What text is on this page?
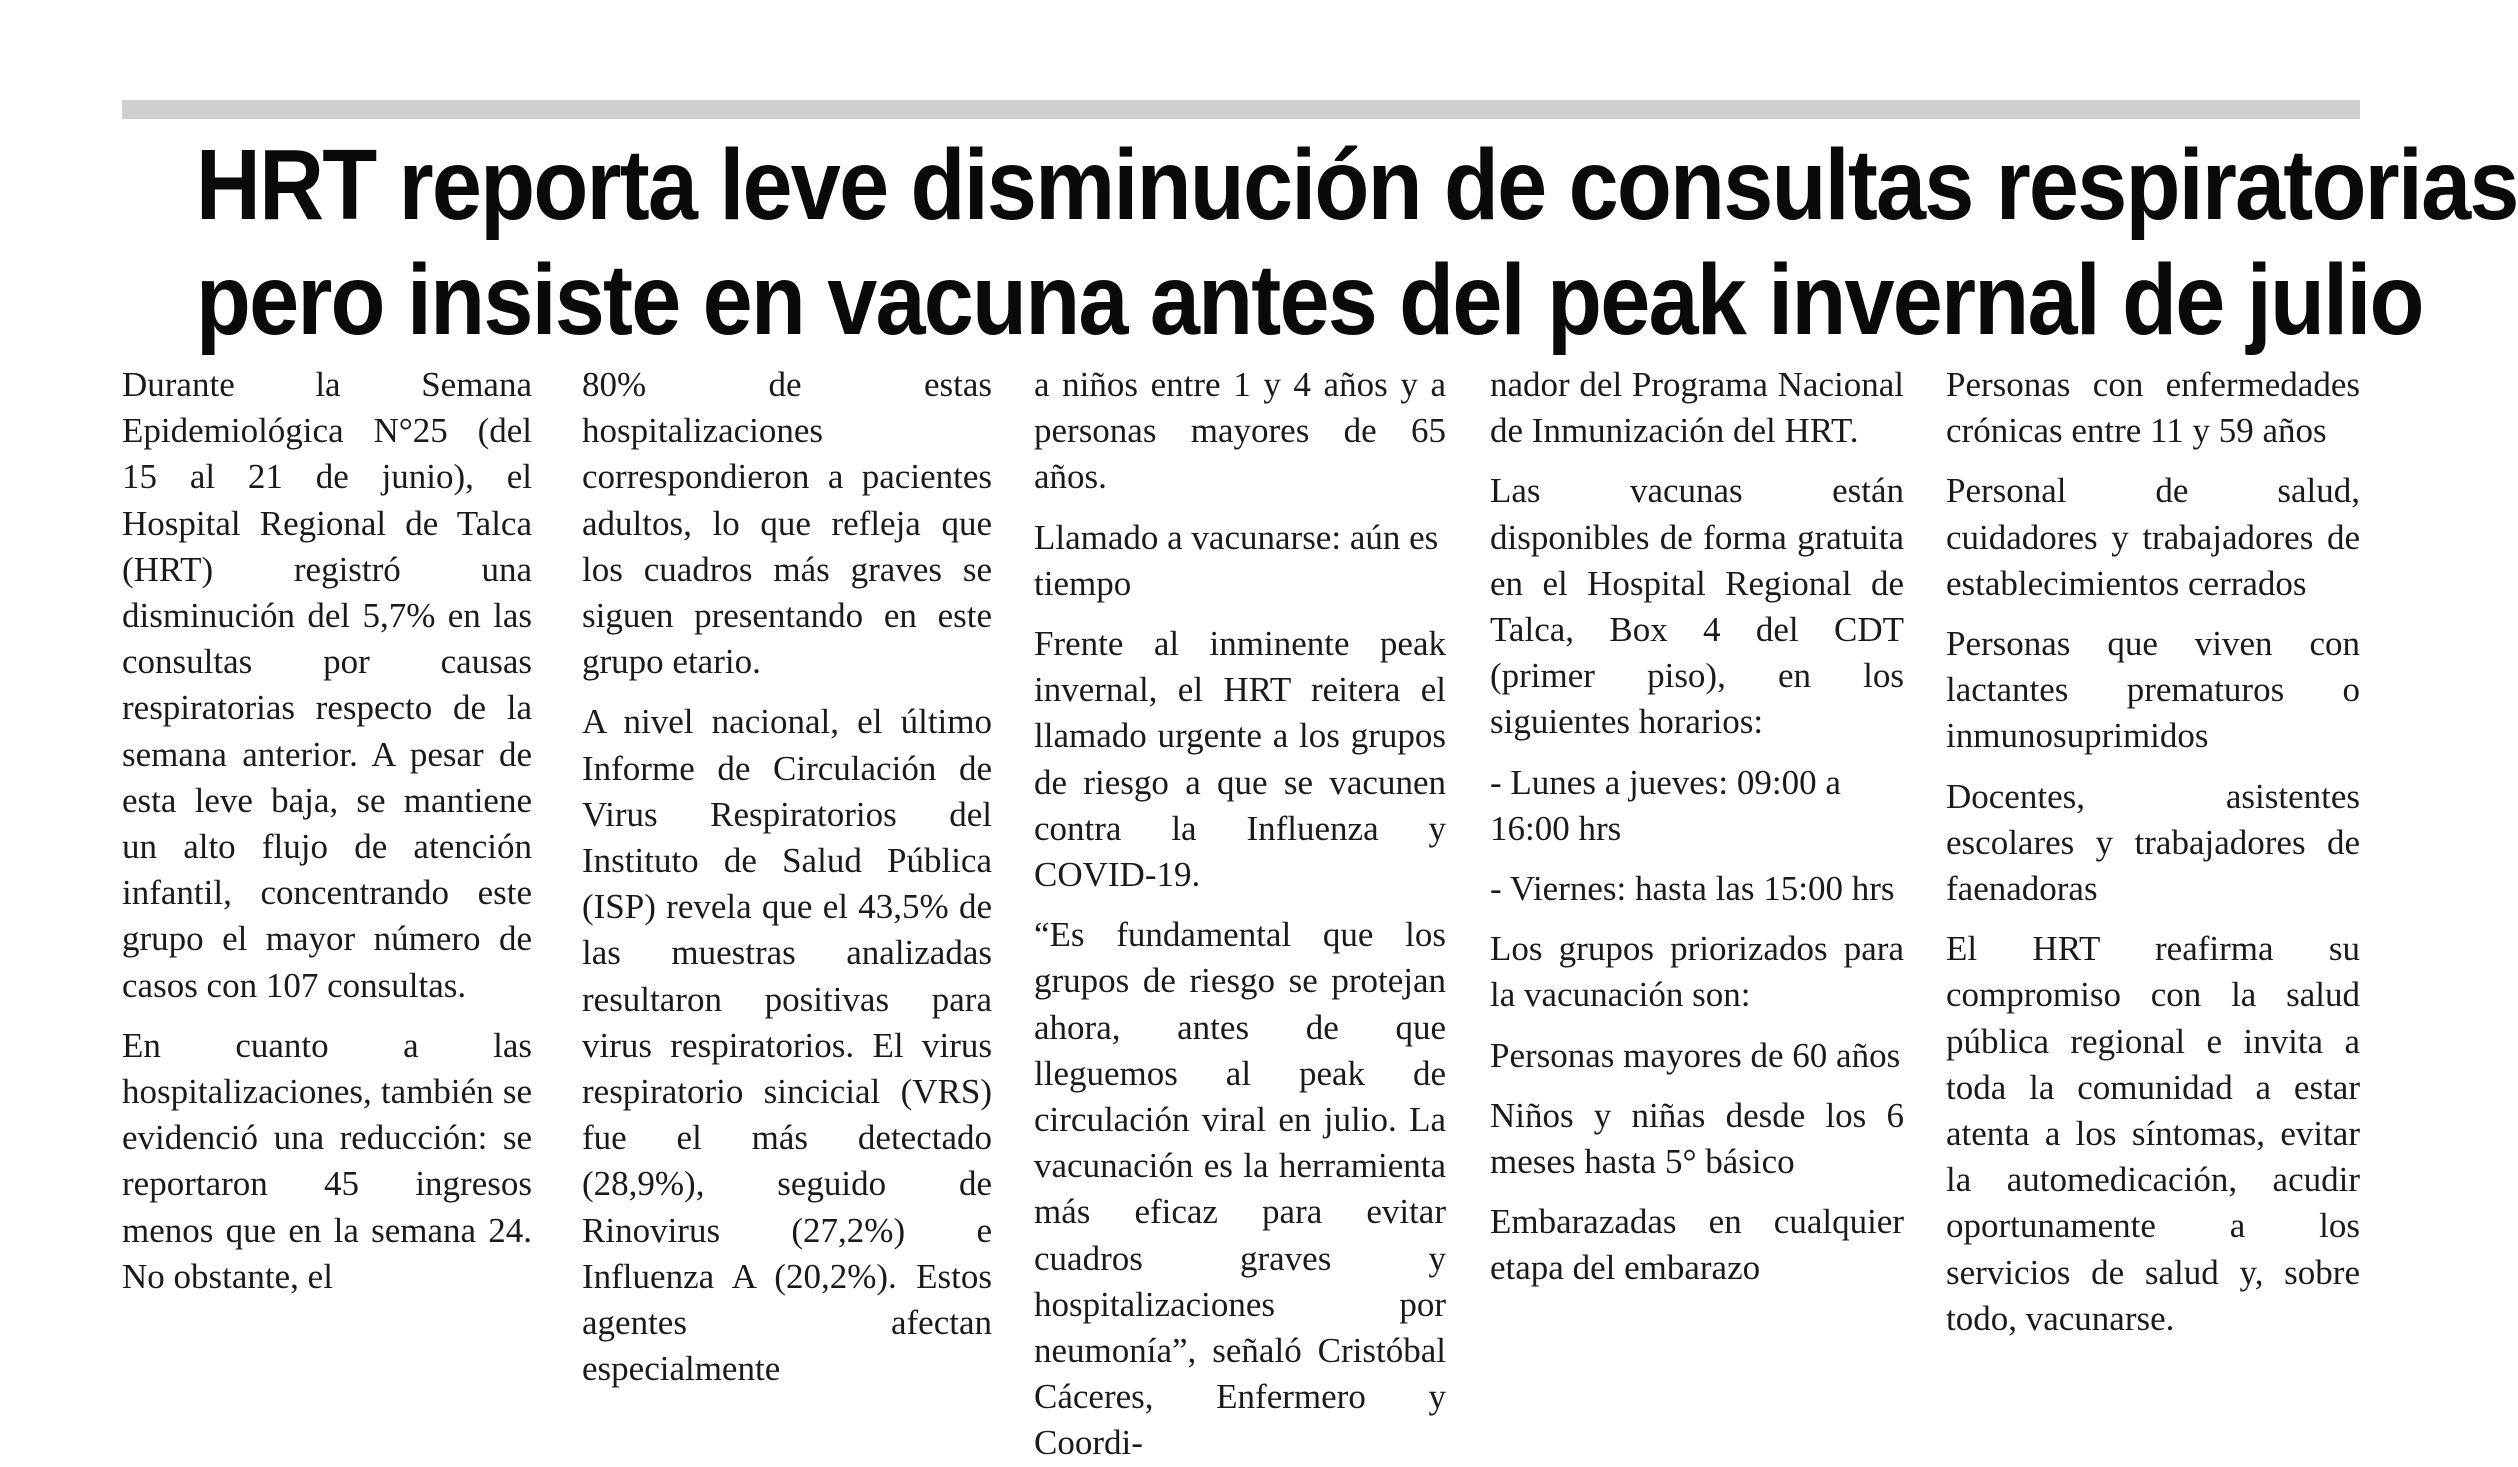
HRT reporta leve disminución de consultas respiratorias
pero insiste en vacuna antes del peak invernal de julio

Durante la Semana Epidemiológica N°25 (del 15 al 21 de junio), el Hospital Regional de Talca (HRT) registró una disminución del 5,7% en las consultas por causas respiratorias respecto de la semana anterior. A pesar de esta leve baja, se mantiene un alto flujo de atención infantil, concentrando este grupo el mayor número de casos con 107 consultas.

En cuanto a las hospitalizaciones, también se evidenció una reducción: se reportaron 45 ingresos menos que en la semana 24. No obstante, el

80% de estas hospitalizaciones correspondieron a pacientes adultos, lo que refleja que los cuadros más graves se siguen presentando en este grupo etario.

A nivel nacional, el último Informe de Circulación de Virus Respiratorios del Instituto de Salud Pública (ISP) revela que el 43,5% de las muestras analizadas resultaron positivas para virus respiratorios. El virus respiratorio sincicial (VRS) fue el más detectado (28,9%), seguido de Rinovirus (27,2%) e Influenza A (20,2%). Estos agentes afectan especialmente

a niños entre 1 y 4 años y a personas mayores de 65 años.

Llamado a vacunarse: aún es tiempo

Frente al inminente peak invernal, el HRT reitera el llamado urgente a los grupos de riesgo a que se vacunen contra la Influenza y COVID-19.

“Es fundamental que los grupos de riesgo se protejan ahora, antes de que lleguemos al peak de circulación viral en julio. La vacunación es la herramienta más eficaz para evitar cuadros graves y hospitalizaciones por neumonía”, señaló Cristóbal Cáceres, Enfermero y Coordi-

nador del Programa Nacional de Inmunización del HRT.

Las vacunas están disponibles de forma gratuita en el Hospital Regional de Talca, Box 4 del CDT (primer piso), en los siguientes horarios:

- Lunes a jueves: 09:00 a 16:00 hrs

- Viernes: hasta las 15:00 hrs

Los grupos priorizados para la vacunación son:

Personas mayores de 60 años

Niños y niñas desde los 6 meses hasta 5° básico

Embarazadas en cualquier etapa del embarazo

Personas con enfermedades crónicas entre 11 y 59 años

Personal de salud, cuidadores y trabajadores de establecimientos cerrados

Personas que viven con lactantes prematuros o inmunosuprimidos

Docentes, asistentes escolares y trabajadores de faenadoras

El HRT reafirma su compromiso con la salud pública regional e invita a toda la comunidad a estar atenta a los síntomas, evitar la automedicación, acudir oportunamente a los servicios de salud y, sobre todo, vacunarse.
